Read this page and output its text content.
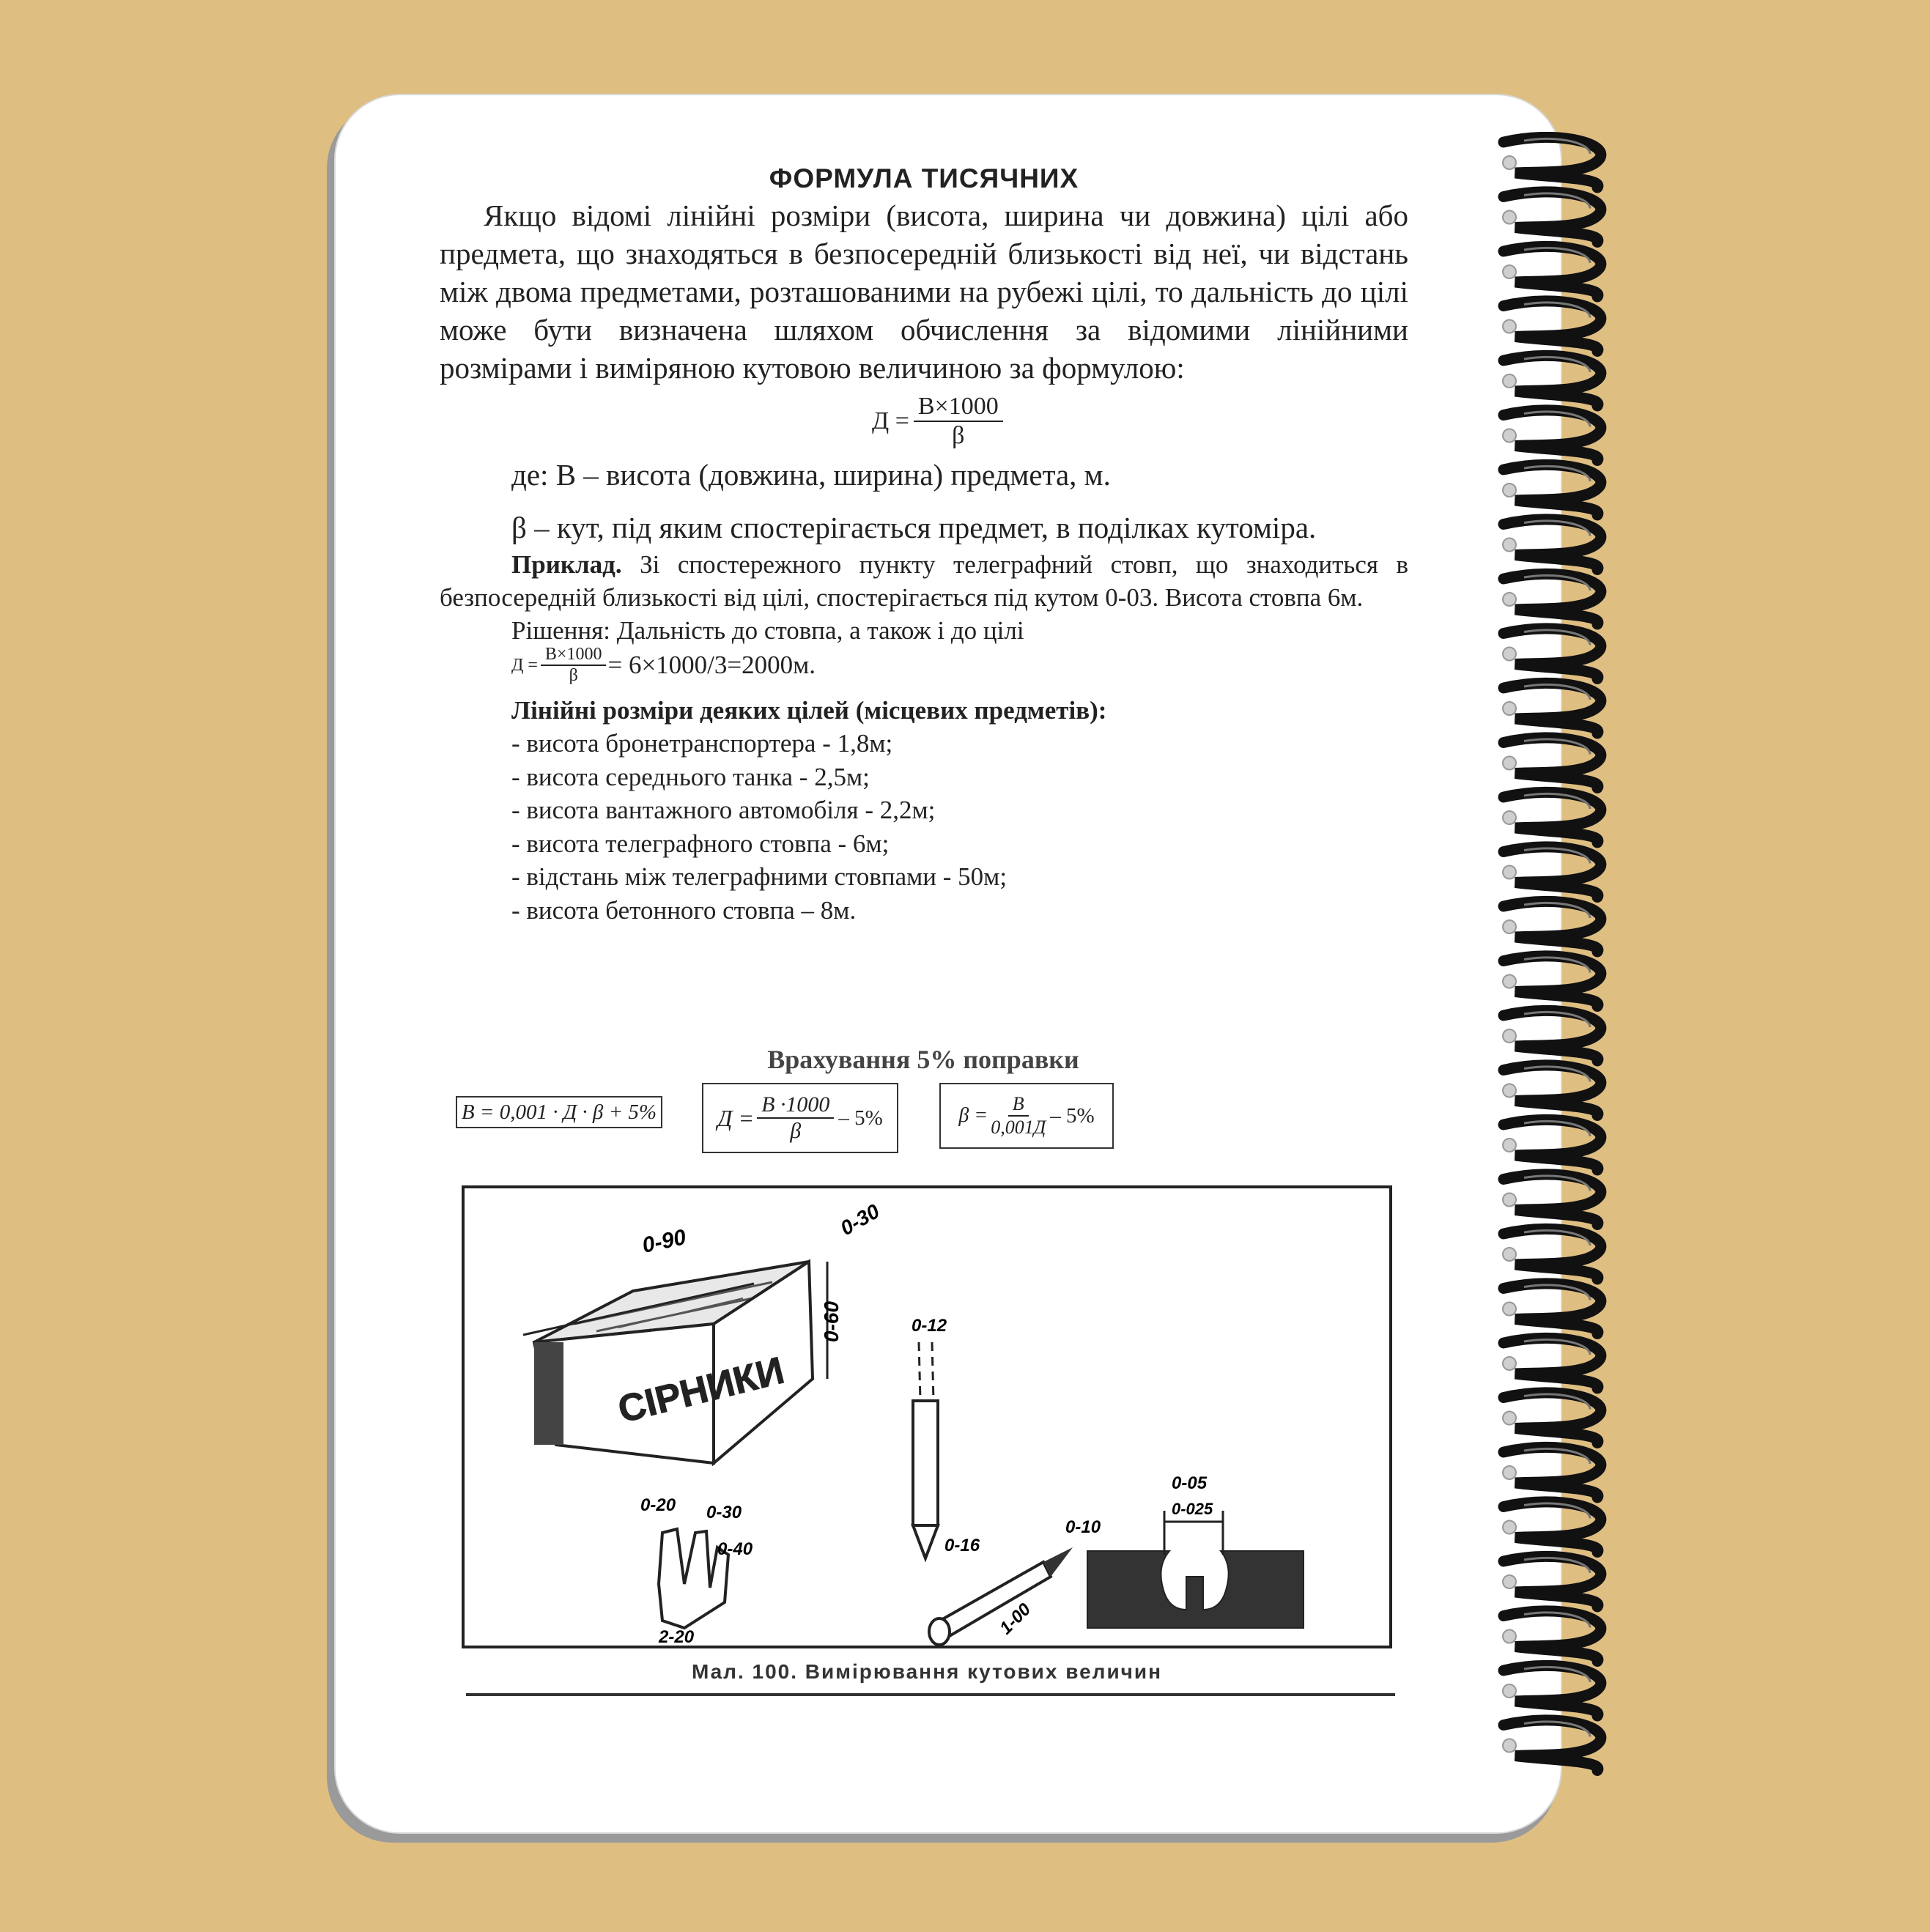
ФОРМУЛА ТИСЯЧНИХ

Якщо відомі лінійні розміри (висота, ширина чи довжина) цілі або предмета, що знаходяться в безпосередній близькості від неї, чи відстань між двома предметами, розташованими на рубежі цілі, то дальність до цілі може бути визначена шляхом обчислення за відомими лінійними розмірами і виміряною кутовою величиною за формулою:

$Д = \frac{В\times 1000}{\beta}$

де: В – висота (довжина, ширина) предмета, м.

β – кут, під яким спостерігається предмет, в поділках кутоміра.

Приклад. Зі спостережного пункту телеграфний стовп, що знаходиться в безпосередній близькості від цілі, спостерігається під кутом 0-03. Висота стовпа 6м.

Рішення: Дальність до стовпа, а також і до цілі

$Д = \frac{В\times 1000}{\beta} = 6\times 1000/3=2000м$.

Лінійні розміри деяких цілей (місцевих предметів):

- висота бронетранспортера - 1,8м;

- висота середнього танка - 2,5м;

- висота вантажного автомобіля - 2,2м;

- висота телеграфного стовпа - 6м;

- відстань між телеграфними стовпами - 50м;

- висота бетонного стовпа – 8м.

Врахування 5% поправки
В = 0,001 · Д · β + 5%	$Д = \frac{В \cdot 1000}{\beta} - 5\%$	$\beta = \frac{В}{0,001Д} - 5\%$
0-90
0-30
0-60
СІРНИКИ
0-12
0-20 0-30
0-40
2-20
0-16
0-10
1-00
0-05
0-025
Мал. 100. Вимірювання кутових величин
